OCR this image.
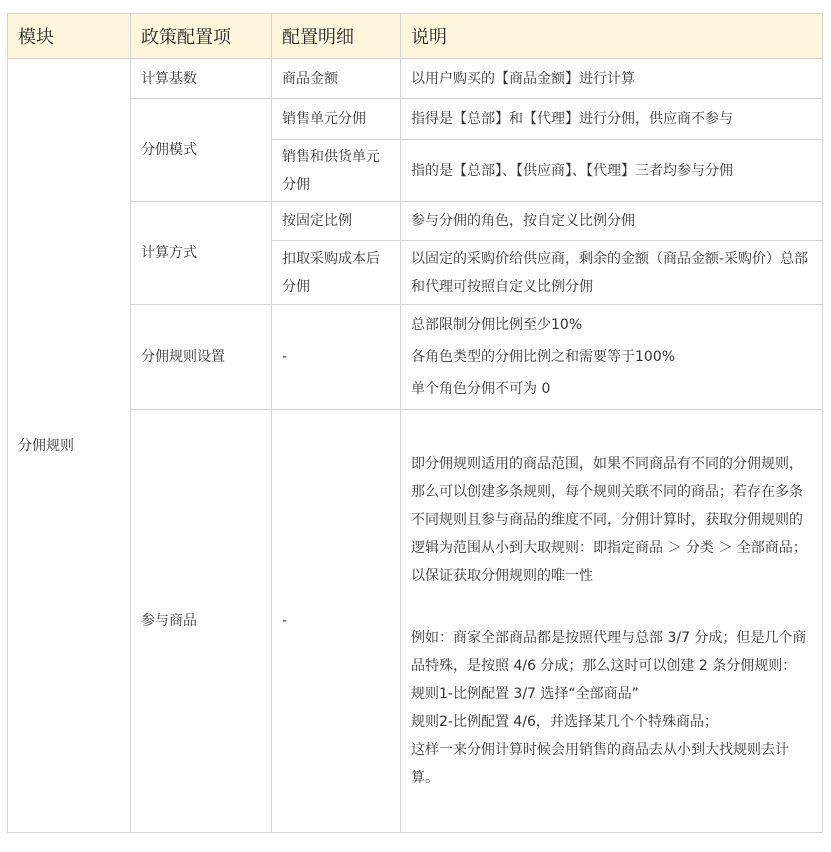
模块	政策配置项	配置明细	说明
分佣规则	计算基数	商品金额	以用户购买的【商品金额】进行计算
	分佣模式	销售单元分佣	指得是【总部】和【代理】进行分佣，供应商不参与
		销售和供货单元分佣	指的是【总部】、【供应商】、【代理】三者均参与分佣
	计算方式	按固定比例	参与分佣的角色，按自定义比例分佣
		扣取采购成本后分佣	以固定的采购价给供应商，剩余的金额（商品金额-采购价）总部和代理可按照自定义比例分佣
	分佣规则设置	-	总部限制分佣比例至少10%
各角色类型的分佣比例之和需要等于100%
单个角色分佣不可为 0

	参与商品	-	即分佣规则适用的商品范围，如果不同商品有不同的分佣规则，那么可以创建多条规则，每个规则关联不同的商品；若存在多条不同规则且参与商品的维度不同，分佣计算时，获取分佣规则的逻辑为范围从小到大取规则：即指定商品 ＞ 分类 ＞ 全部商品；以保证获取分佣规则的唯一性
例如：商家全部商品都是按照代理与总部 3/7 分成；但是几个商品特殊，是按照 4/6 分成；那么这时可以创建 2 条分佣规则：
规则1-比例配置 3/7 选择“全部商品”
规则2-比例配置 4/6，并选择某几个个特殊商品；
这样一来分佣计算时候会用销售的商品去从小到大找规则去计算。
